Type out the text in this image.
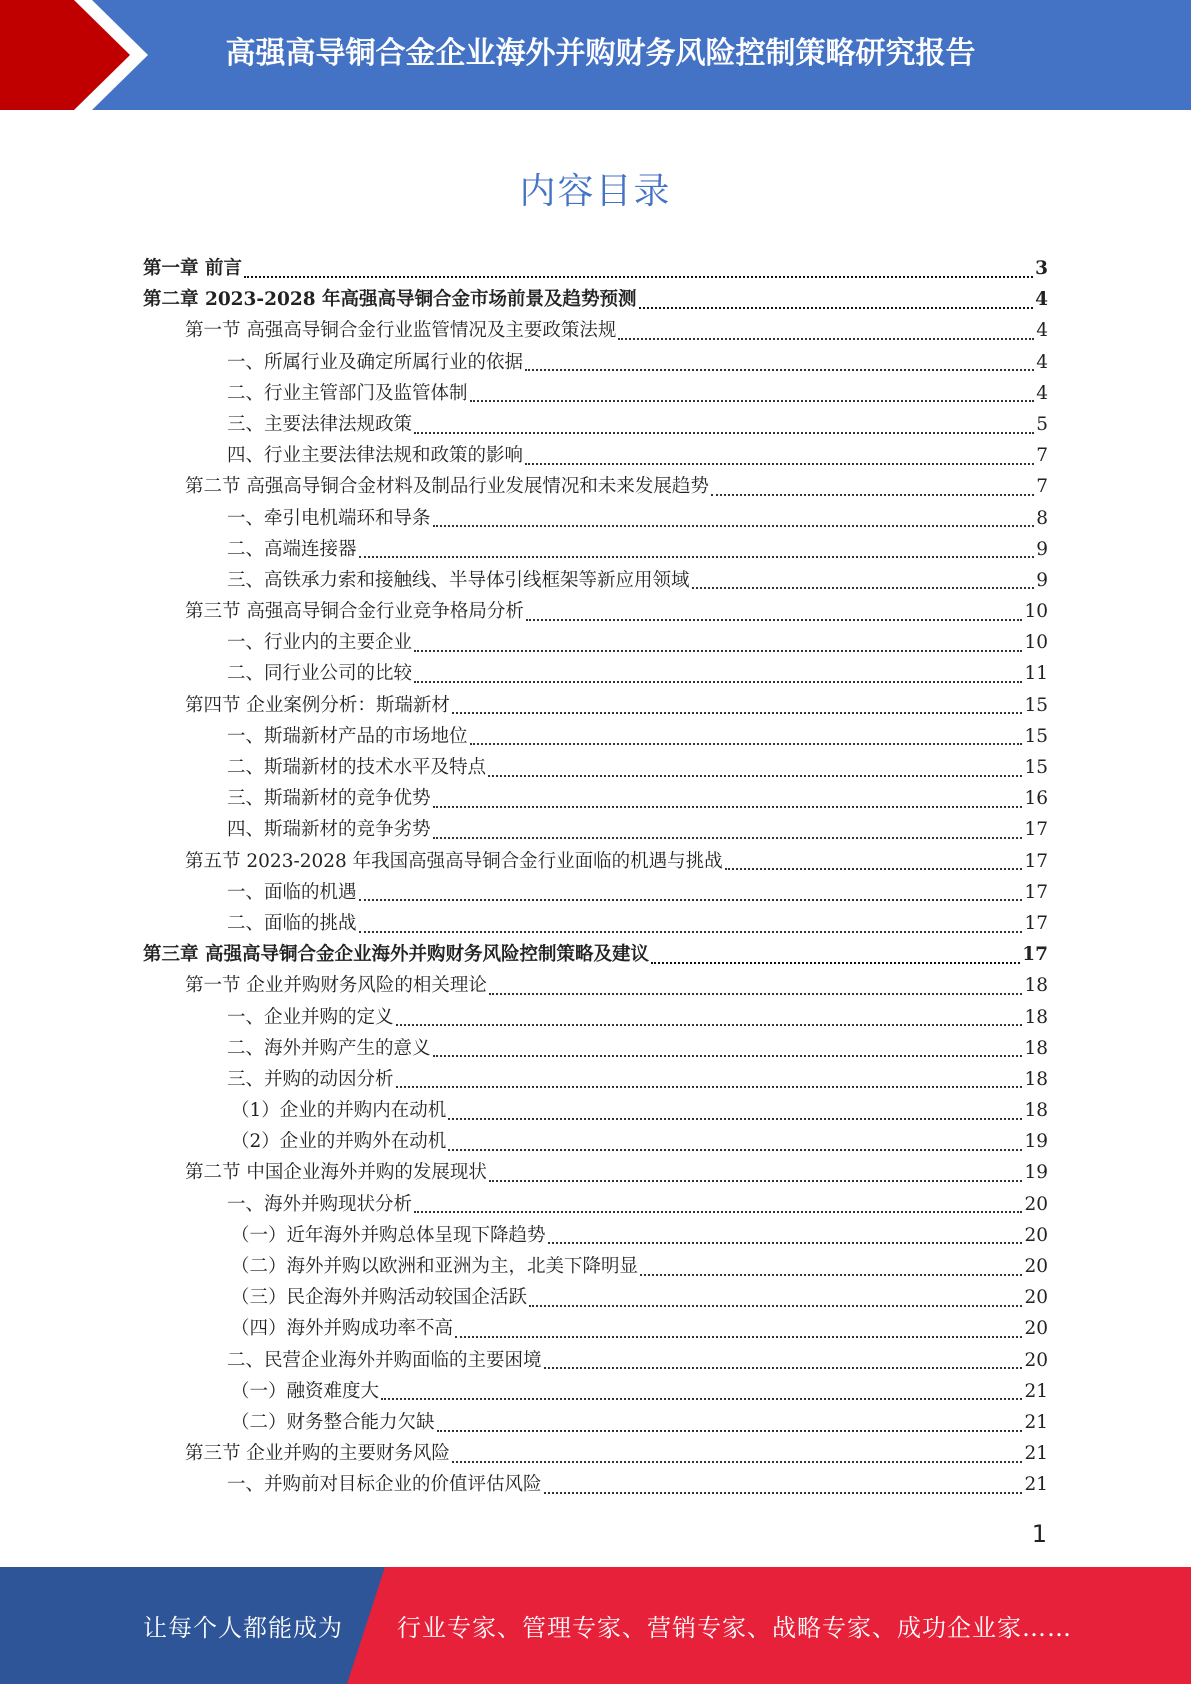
高强高导铜合金企业海外并购财务风险控制策略研究报告
内容目录
第一章 前言	3
第二章 2023-2028 年高强高导铜合金市场前景及趋势预测	4
第一节 高强高导铜合金行业监管情况及主要政策法规	4
一、所属行业及确定所属行业的依据	4
二、行业主管部门及监管体制	4
三、主要法律法规政策	5
四、行业主要法律法规和政策的影响	7
第二节 高强高导铜合金材料及制品行业发展情况和未来发展趋势	7
一、牵引电机端环和导条	8
二、高端连接器	9
三、高铁承力索和接触线、半导体引线框架等新应用领域	9
第三节 高强高导铜合金行业竞争格局分析	10
一、行业内的主要企业	10
二、同行业公司的比较	11
第四节 企业案例分析：斯瑞新材	15
一、斯瑞新材产品的市场地位	15
二、斯瑞新材的技术水平及特点	15
三、斯瑞新材的竞争优势	16
四、斯瑞新材的竞争劣势	17
第五节 2023-2028 年我国高强高导铜合金行业面临的机遇与挑战	17
一、面临的机遇	17
二、面临的挑战	17
第三章 高强高导铜合金企业海外并购财务风险控制策略及建议	17
第一节 企业并购财务风险的相关理论	18
一、企业并购的定义	18
二、海外并购产生的意义	18
三、并购的动因分析	18
（1）企业的并购内在动机	18
（2）企业的并购外在动机	19
第二节 中国企业海外并购的发展现状	19
一、海外并购现状分析	20
（一）近年海外并购总体呈现下降趋势	20
（二）海外并购以欧洲和亚洲为主，北美下降明显	20
（三）民企海外并购活动较国企活跃	20
（四）海外并购成功率不高	20
二、民营企业海外并购面临的主要困境	20
（一）融资难度大	21
（二）财务整合能力欠缺	21
第三节 企业并购的主要财务风险	21
一、并购前对目标企业的价值评估风险	21
1
让每个人都能成为 行业专家、管理专家、营销专家、战略专家、成功企业家……
